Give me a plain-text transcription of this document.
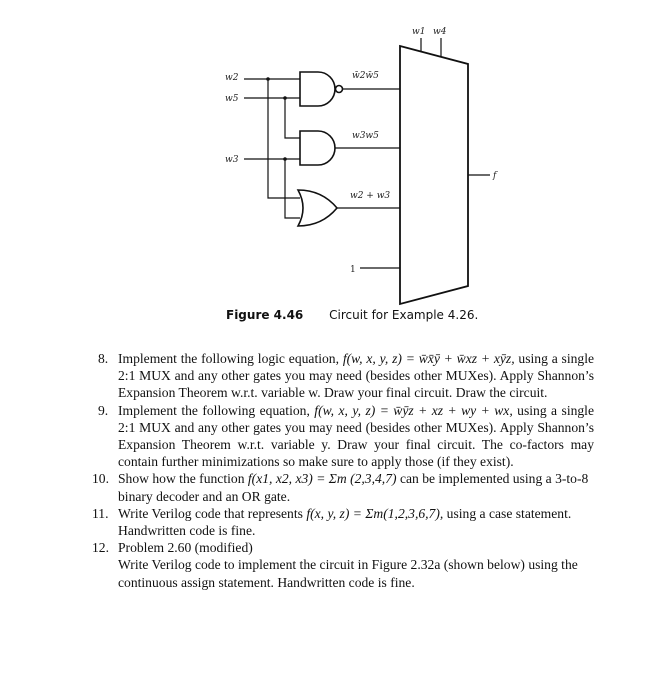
w2
w5
w3
w̄2w̄5
w3w5
w2 + w3
1
w1 w4
f
Figure 4.46 Circuit for Example 4.26.
8. Implement the following logic equation, f(w, x, y, z) = w̄x̄ȳ + w̄xz + xȳz, using a single 2:1 MUX and any other gates you may need (besides other MUXes). Apply Shannon’s Expansion Theorem w.r.t. variable w. Draw your final circuit. Draw the circuit.
9. Implement the following equation, f(w, x, y, z) = w̄ȳz + xz + wy + wx, using a single 2:1 MUX and any other gates you may need (besides other MUXes). Apply Shannon’s Expansion Theorem w.r.t. variable y. Draw your final circuit. The co-factors may contain further minimizations so make sure to apply those (if they exist).
10. Show how the function f(x1, x2, x3) = Σm (2,3,4,7) can be implemented using a 3-to-8 binary decoder and an OR gate.
11. Write Verilog code that represents f(x, y, z) = Σm(1,2,3,6,7), using a case statement. Handwritten code is fine.
12. Problem 2.60 (modified)
Write Verilog code to implement the circuit in Figure 2.32a (shown below) using the continuous assign statement. Handwritten code is fine.
